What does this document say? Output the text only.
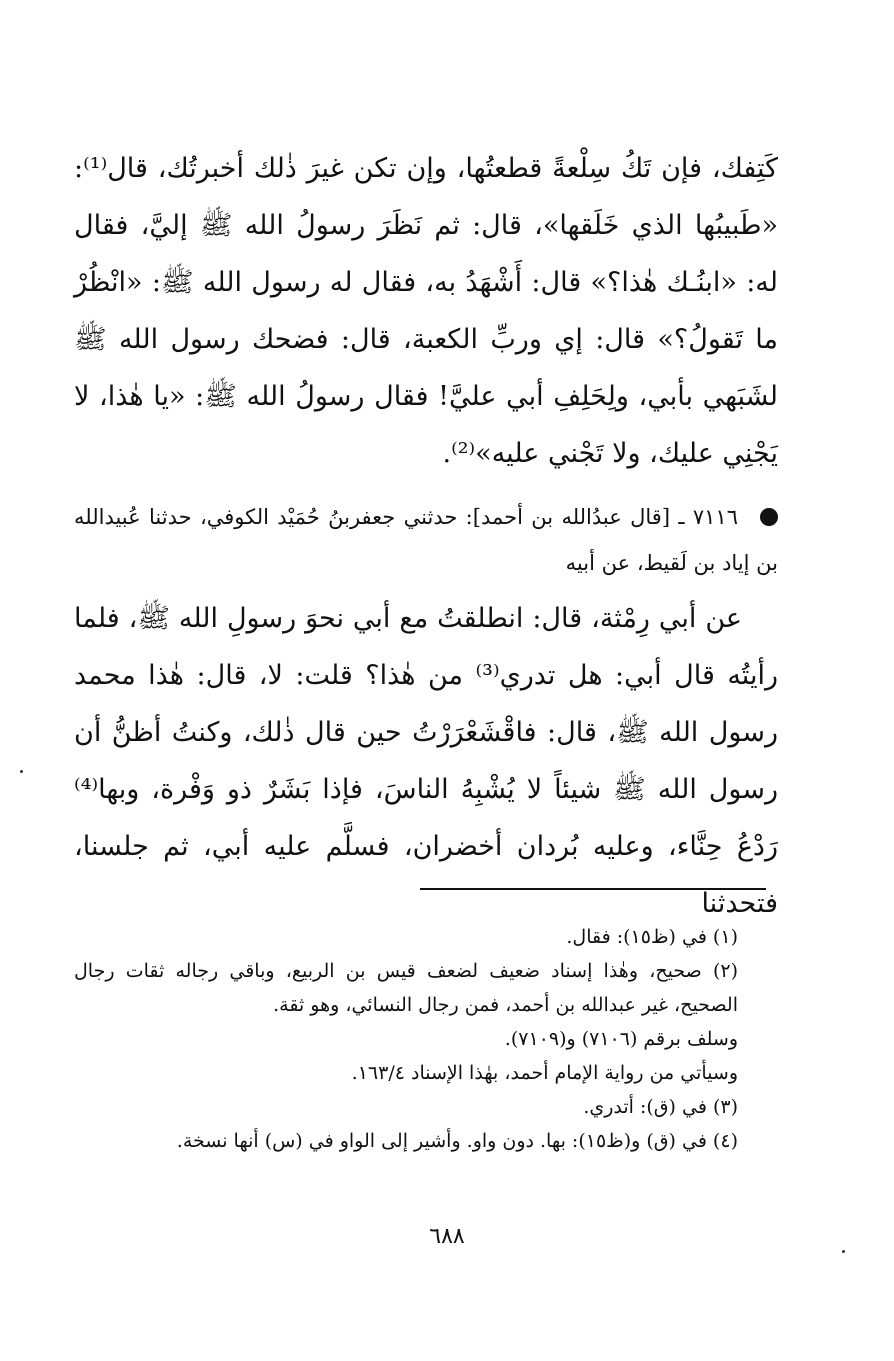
كَتِفك، فإن تَكُ سِلْعةً قطعتُها، وإن تكن غيرَ ذٰلك أخبرتُك، قال⁽¹⁾: «طَبيبُها الذي خَلَقها»، قال: ثم نَظَرَ رسولُ الله ﷺ إليَّ، فقال له: «ابنُـك هٰذا؟» قال: أَشْهَدُ به، فقال له رسول الله ﷺ: «انْظُرْ ما تَقولُ؟» قال: إي وربِّ الكعبة، قال: فضحك رسول الله ﷺ لشَبَهي بأبي، ولِحَلِفِ أبي عليَّ! فقال رسولُ الله ﷺ: «يا هٰذا، لا يَجْنِي عليك، ولا تَجْني عليه»⁽²⁾.
٧١١٦ ـ [قال عبدُالله بن أحمد]: حدثني جعفربنُ حُمَيْد الكوفي، حدثنا عُبيدالله بن إياد بن لَقيط، عن أبيه
عن أبي رِمْثة، قال: انطلقتُ مع أبي نحوَ رسولِ الله ﷺ، فلما رأيتُه قال أبي: هل تدري⁽³⁾ من هٰذا؟ قلت: لا، قال: هٰذا محمد رسول الله ﷺ، قال: فاقْشَعْرَرْتُ حين قال ذٰلك، وكنتُ أظنُّ أن رسول الله ﷺ شيئاً لا يُشْبِهُ الناسَ، فإذا بَشَرٌ ذو وَفْرة، وبها⁽⁴⁾ رَدْعُ حِنَّاء، وعليه بُردان أخضران، فسلَّم عليه أبي، ثم جلسنا، فتحدثنا

(١) في (ظ١٥): فقال.

(٢) صحيح، وهٰذا إسناد ضعيف لضعف قيس بن الربيع، وباقي رجاله ثقات رجال الصحيح، غير عبدالله بن أحمد، فمن رجال النسائي، وهو ثقة.

وسلف برقم (٧١٠٦) و(٧١٠٩).

وسيأتي من رواية الإمام أحمد، بهٰذا الإسناد ١٦٣/٤.

(٣) في (ق): أتدري.

(٤) في (ق) و(ظ١٥): بها. دون واو. وأشير إلى الواو في (س) أنها نسخة.

٦٨٨
